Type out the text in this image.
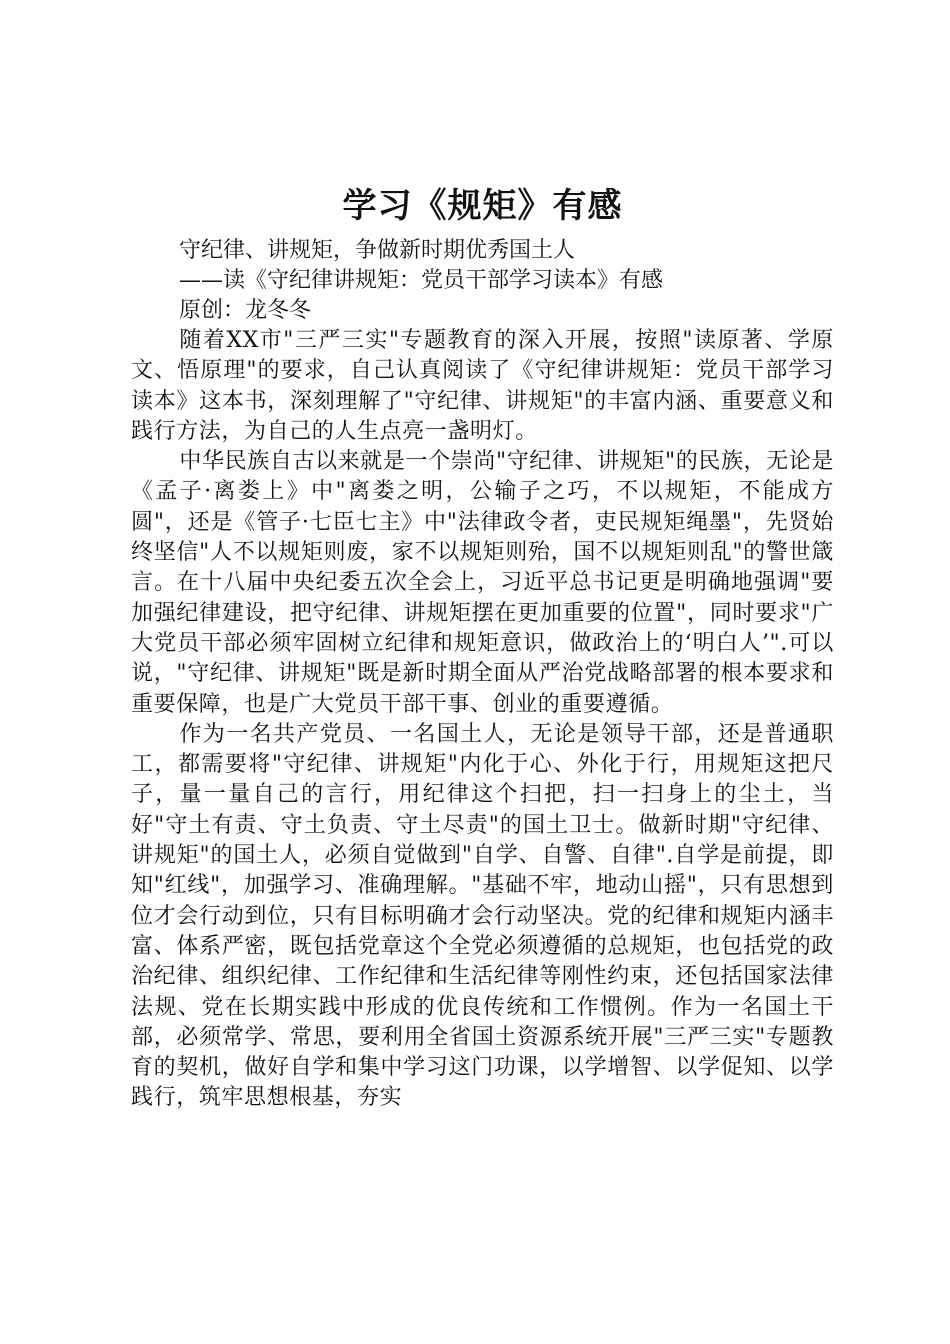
学习《规矩》有感

守纪律、讲规矩，争做新时期优秀国土人

——读《守纪律讲规矩：党员干部学习读本》有感

原创：龙冬冬

随着XX市"三严三实"专题教育的深入开展，按照"读原著、学原文、悟原理"的要求，自己认真阅读了《守纪律讲规矩：党员干部学习读本》这本书，深刻理解了"守纪律、讲规矩"的丰富内涵、重要意义和践行方法，为自己的人生点亮一盏明灯。

中华民族自古以来就是一个崇尚"守纪律、讲规矩"的民族，无论是《孟子·离娄上》中"离娄之明，公输子之巧，不以规矩，不能成方圆"，还是《管子·七臣七主》中"法律政令者，吏民规矩绳墨"，先贤始终坚信"人不以规矩则废，家不以规矩则殆，国不以规矩则乱"的警世箴言。在十八届中央纪委五次全会上，习近平总书记更是明确地强调"要加强纪律建设，把守纪律、讲规矩摆在更加重要的位置"，同时要求"广大党员干部必须牢固树立纪律和规矩意识，做政治上的‘明白人’".可以说，"守纪律、讲规矩"既是新时期全面从严治党战略部署的根本要求和重要保障，也是广大党员干部干事、创业的重要遵循。

作为一名共产党员、一名国土人，无论是领导干部，还是普通职工，都需要将"守纪律、讲规矩"内化于心、外化于行，用规矩这把尺子，量一量自己的言行，用纪律这个扫把，扫一扫身上的尘土，当好"守土有责、守土负责、守土尽责"的国土卫士。做新时期"守纪律、讲规矩"的国土人，必须自觉做到"自学、自警、自律".自学是前提，即知"红线"，加强学习、准确理解。"基础不牢，地动山摇"，只有思想到位才会行动到位，只有目标明确才会行动坚决。党的纪律和规矩内涵丰富、体系严密，既包括党章这个全党必须遵循的总规矩，也包括党的政治纪律、组织纪律、工作纪律和生活纪律等刚性约束，还包括国家法律法规、党在长期实践中形成的优良传统和工作惯例。作为一名国土干部，必须常学、常思，要利用全省国土资源系统开展"三严三实"专题教育的契机，做好自学和集中学习这门功课，以学增智、以学促知、以学践行，筑牢思想根基，夯实
